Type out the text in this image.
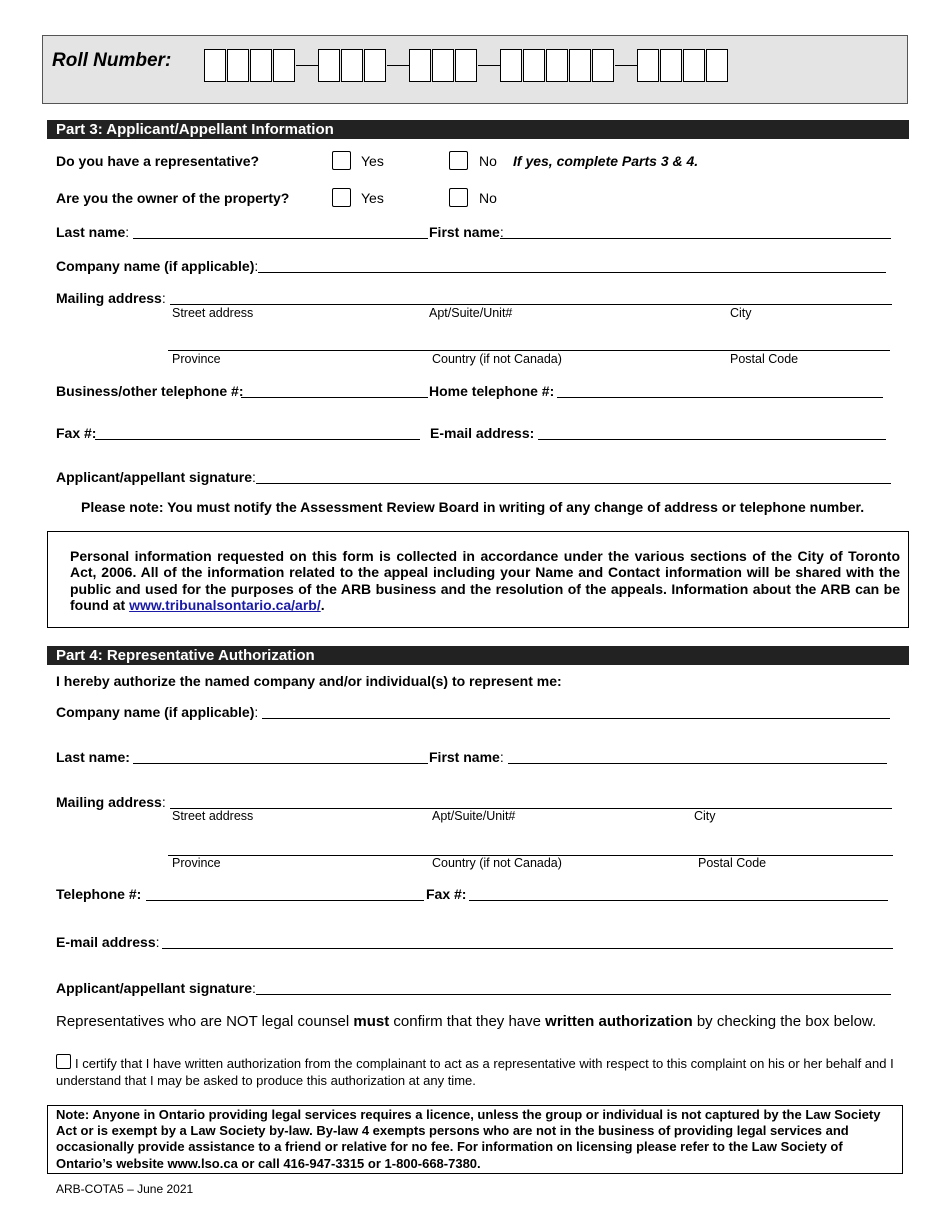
Roll Number:
Part 3: Applicant/Appellant Information
Do you have a representative?	Yes	No If yes, complete Parts 3 & 4.
Are you the owner of the property?	Yes	No
Last name:	First name:
Company name (if applicable):
Mailing address:
Street address	Apt/Suite/Unit#	City
Province	Country (if not Canada)	Postal Code
Business/other telephone #:	Home telephone #:
Fax #:	E-mail address:
Applicant/appellant signature:
Please note: You must notify the Assessment Review Board in writing of any change of address or telephone number.
Personal information requested on this form is collected in accordance under the various sections of the City of Toronto Act, 2006. All of the information related to the appeal including your Name and Contact information will be shared with the public and used for the purposes of the ARB business and the resolution of the appeals. Information about the ARB can be found at www.tribunalsontario.ca/arb/.
Part 4: Representative Authorization
I hereby authorize the named company and/or individual(s) to represent me:
Company name (if applicable):
Last name:	First name:
Mailing address:
Street address	Apt/Suite/Unit#	City
Province	Country (if not Canada)	Postal Code
Telephone #:	Fax #:
E-mail address:
Applicant/appellant signature:
Representatives who are NOT legal counsel must confirm that they have written authorization by checking the box below.
I certify that I have written authorization from the complainant to act as a representative with respect to this complaint on his or her behalf and I understand that I may be asked to produce this authorization at any time.
Note: Anyone in Ontario providing legal services requires a licence, unless the group or individual is not captured by the Law Society Act or is exempt by a Law Society by-law. By-law 4 exempts persons who are not in the business of providing legal services and occasionally provide assistance to a friend or relative for no fee. For information on licensing please refer to the Law Society of Ontario’s website www.lso.ca or call 416-947-3315 or 1-800-668-7380.
ARB-COTA5 – June 2021
